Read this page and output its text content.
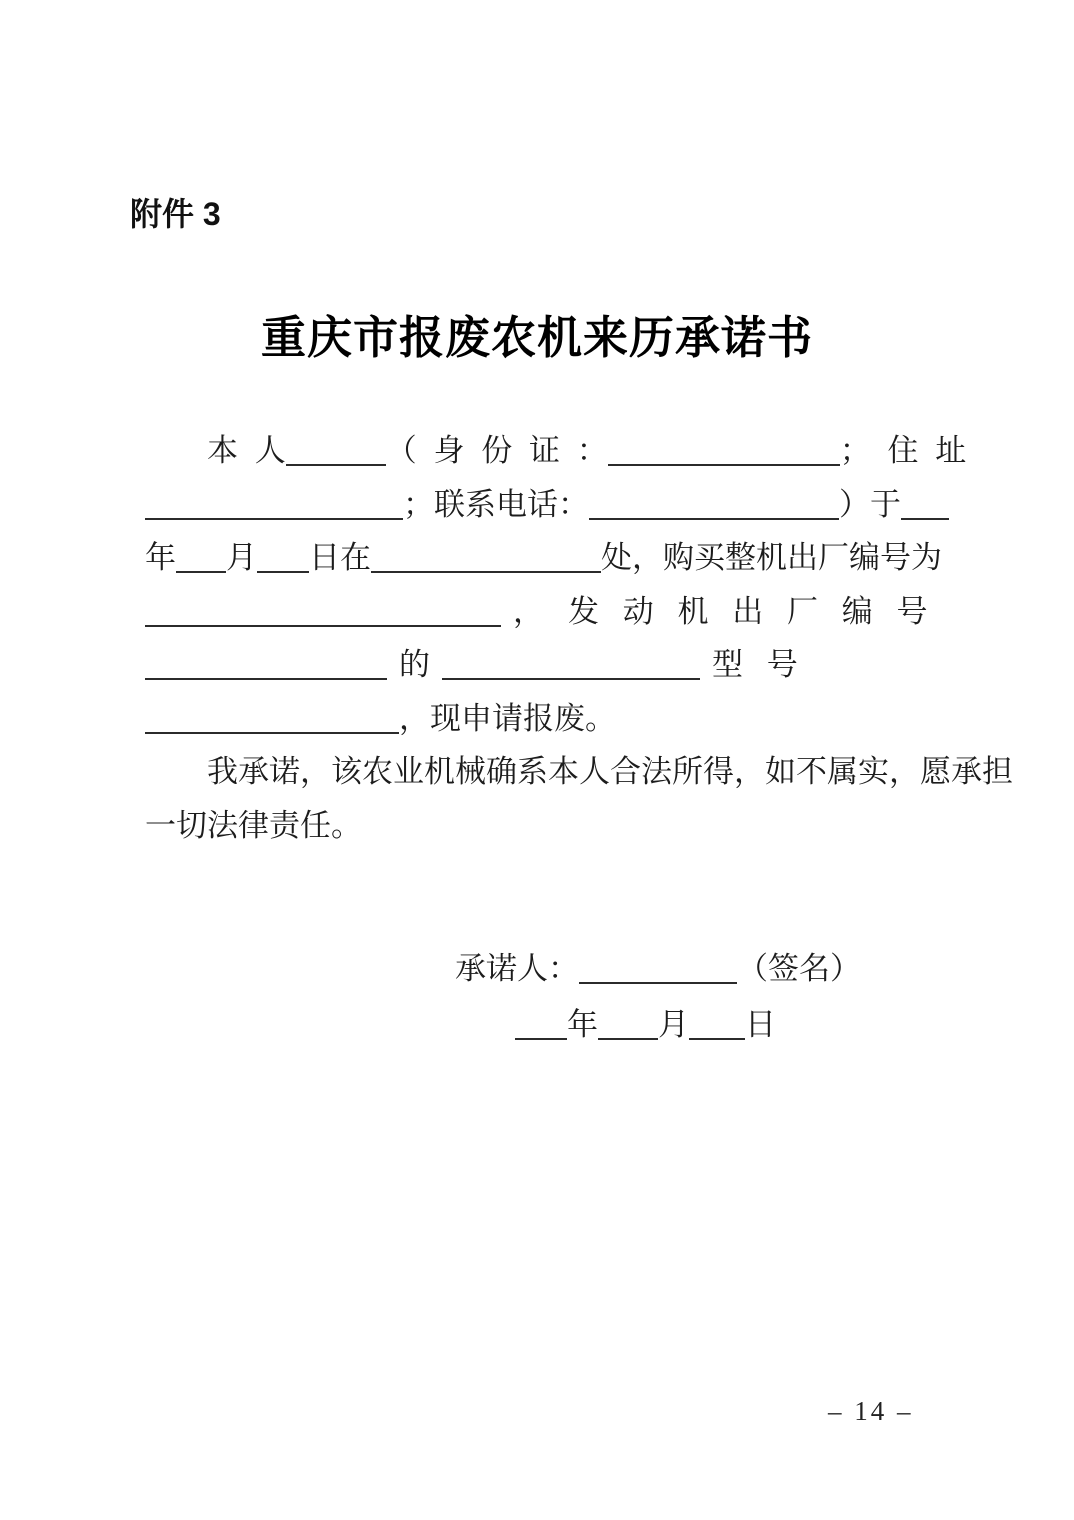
附件 3
重庆市报废农机来历承诺书
本 人	（ 身 份 证 ：	； 住 址
；联系电话：	）于
年 月 日在	处，购买整机出厂编号为
， 发 动 机 出 厂 编 号
的	型 号
，现申请报废。
我承诺，该农业机械确系本人合法所得，如不属实，愿承担
一切法律责任。
承诺人：	（签名）
年 月 日
– 14 –
